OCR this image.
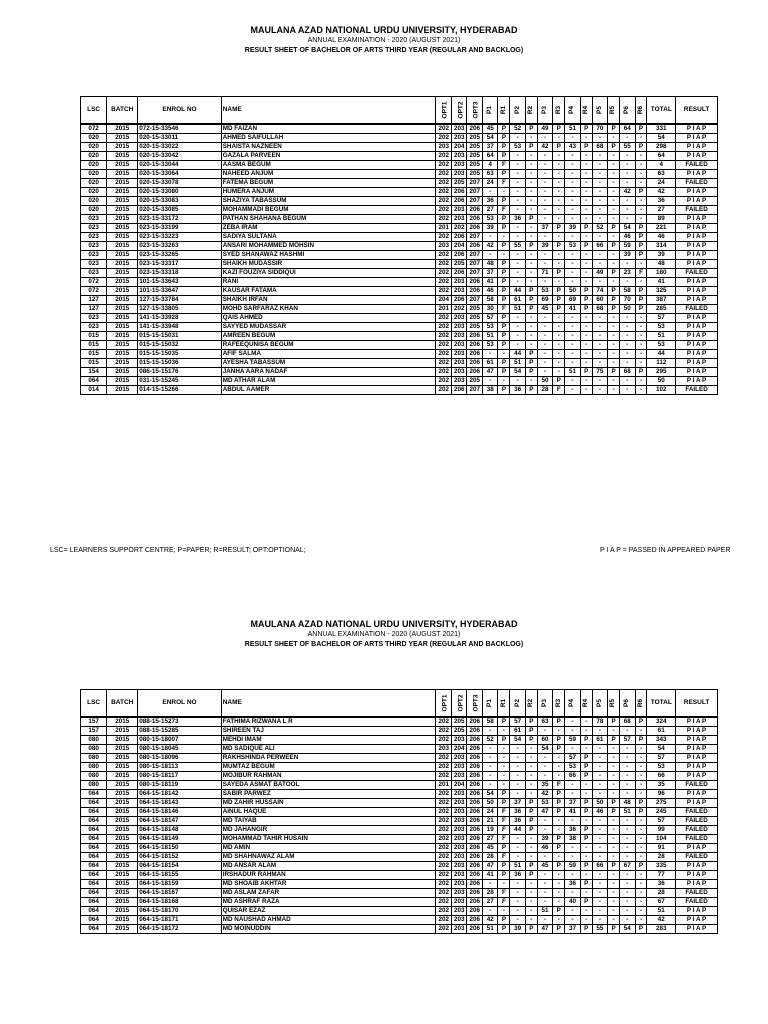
MAULANA AZAD NATIONAL URDU UNIVERSITY, HYDERABAD
ANNUAL EXAMINATION - 2020 (AUGUST 2021)
RESULT SHEET OF BACHELOR OF ARTS THIRD YEAR (REGULAR AND BACKLOG)
LSC	BATCH	ENROL NO	NAME	OPT1	OPT2	OPT3	P1	R1	P2	R2	P3	R3	P4	R4	P5	R5	P6	R6	TOTAL	RESULT
072	2015	072-15-33546	MD FAIZAN	202	203	206	45	P	52	P	49	P	51	P	70	P	64	P	331	P I A P
020	2015	020-15-33011	AHMED SAIFULLAH	202	203	205	54	P	-	-	-	-	-	-	-	-	-	-	54	P I A P
020	2015	020-15-33022	SHAISTA NAZNEEN	203	204	205	37	P	53	P	42	P	43	P	68	P	55	P	298	P I A P
020	2015	020-15-33042	GAZALA PARVEEN	202	203	205	64	P	-	-	-	-	-	-	-	-	-	-	64	P I A P
020	2015	020-15-33044	AASMA BEGUM	202	203	205	4	F	-	-	-	-	-	-	-	-	-	-	4	FAILED
020	2015	020-15-33064	NAHEED ANJUM	202	203	205	63	P	-	-	-	-	-	-	-	-	-	-	63	P I A P
020	2015	020-15-33078	FATEMA BEGUM	202	205	207	24	F	-	-	-	-	-	-	-	-	-	-	24	FAILED
020	2015	020-15-33080	HUMERA ANJUM	202	206	207	-	-	-	-	-	-	-	-	-	-	42	P	42	P I A P
020	2015	020-15-33083	SHAZIYA TABASSUM	202	206	207	36	P	-	-	-	-	-	-	-	-	-	-	36	P I A P
020	2015	020-15-33085	MOHAMMADI BEGUM	202	203	206	27	F	-	-	-	-	-	-	-	-	-	-	27	FAILED
023	2015	023-15-33172	PATHAN SHAHANA BEGUM	202	203	206	53	P	36	P	-	-	-	-	-	-	-	-	89	P I A P
023	2015	023-15-33199	ZEBA IRAM	201	202	206	39	P	-	-	37	P	39	P	52	P	54	P	221	P I A P
023	2015	023-15-33223	SADIYA SULTANA	202	206	207	-	-	-	-	-	-	-	-	-	-	46	P	46	P I A P
023	2015	023-15-33263	ANSARI MOHAMMED MOHSIN	203	204	206	42	P	55	P	39	P	53	P	66	P	59	P	314	P I A P
023	2015	023-15-33265	SYED SHANAWAZ HASHMI	202	206	207	-	-	-	-	-	-	-	-	-	-	39	P	39	P I A P
023	2015	023-15-33317	SHAIKH MUDASSIR	202	205	207	48	P	-	-	-	-	-	-	-	-	-	-	48	P I A P
023	2015	023-15-33318	KAZI FOUZIYA SIDDIQUI	202	206	207	37	P	-	-	71	P	-	-	49	P	23	F	180	FAILED
072	2015	101-15-33643	RANI	202	203	206	41	P	-	-	-	-	-	-	-	-	-	-	41	P I A P
072	2015	101-15-33647	KAUSAR FATAMA	202	203	206	46	P	44	P	53	P	50	P	74	P	58	P	325	P I A P
127	2015	127-15-33784	SHAIKH IRFAN	204	206	207	58	P	61	P	69	P	69	P	60	P	70	P	387	P I A P
127	2015	127-15-33805	MOHD SARFARAZ KHAN	201	202	205	30	F	51	P	45	P	41	P	68	P	50	P	285	FAILED
023	2015	141-15-33928	QAIS AHMED	202	203	205	57	P	-	-	-	-	-	-	-	-	-	-	57	P I A P
023	2015	141-15-33948	SAYYED MUDASSAR	202	203	205	53	P	-	-	-	-	-	-	-	-	-	-	53	P I A P
015	2015	015-15-15031	AMREEN BEGUM	202	203	206	51	P	-	-	-	-	-	-	-	-	-	-	51	P I A P
015	2015	015-15-15032	RAFEEQUNISA BEGUM	202	203	206	53	P	-	-	-	-	-	-	-	-	-	-	53	P I A P
015	2015	015-15-15035	AFIF SALMA	202	203	206	-	-	44	P	-	-	-	-	-	-	-	-	44	P I A P
015	2015	015-15-15036	AYESHA TABASSUM	202	203	206	61	P	51	P	-	-	-	-	-	-	-	-	112	P I A P
154	2015	086-15-15176	JANHA AARA NADAF	202	203	206	47	P	54	P	-	-	51	P	75	P	68	P	295	P I A P
064	2015	031-15-15245	MD ATHAR ALAM	202	203	205	-	-	-	-	50	P	-	-	-	-	-	-	50	P I A P
014	2015	014-15-15266	ABDUL AAMER	202	206	207	38	P	36	P	28	F	-	-	-	-	-	-	102	FAILED
LSC= LEARNERS SUPPORT CENTRE; P=PAPER; R=RESULT; OPT:OPTIONAL;	P I A P = PASSED IN APPEARED PAPER
MAULANA AZAD NATIONAL URDU UNIVERSITY, HYDERABAD
ANNUAL EXAMINATION - 2020 (AUGUST 2021)
RESULT SHEET OF BACHELOR OF ARTS THIRD YEAR (REGULAR AND BACKLOG)
LSC	BATCH	ENROL NO	NAME	OPT1	OPT2	OPT3	P1	R1	P2	R2	P3	R3	P4	R4	P5	R5	P6	R6	TOTAL	RESULT
157	2015	088-15-15273	FATHIMA RIZWANA L R	202	205	206	58	P	57	P	63	P	-	-	78	P	68	P	324	P I A P
157	2015	088-15-15285	SHIREEN TAJ	202	205	206	-	-	61	P	-	-	-	-	-	-	-	-	61	P I A P
080	2015	080-15-18007	MEHDI IMAM	202	203	206	52	P	54	P	60	P	59	P	61	P	57	P	343	P I A P
080	2015	080-15-18045	MD SADIQUE ALI	203	204	206	-	-	-	-	54	P	-	-	-	-	-	-	54	P I A P
080	2015	080-15-18096	RAKHSHINDA PERWEEN	202	203	206	-	-	-	-	-	-	57	P	-	-	-	-	57	P I A P
080	2015	080-15-18113	MUMTAZ BEGUM	202	203	206	-	-	-	-	-	-	53	P	-	-	-	-	53	P I A P
080	2015	080-15-18117	MOJIBUR RAHMAN	202	203	206	-	-	-	-	-	-	66	P	-	-	-	-	66	P I A P
080	2015	080-15-18119	SAYEDA ASMAT BATOOL	201	204	206	-	-	-	-	35	F	-	-	-	-	-	-	35	FAILED
064	2015	064-15-18142	SABIR PARWEZ	202	203	206	54	P	-	-	42	P	-	-	-	-	-	-	96	P I A P
064	2015	064-15-18143	MD ZAHIR HUSSAIN	202	203	206	50	P	37	P	53	P	37	P	50	P	48	P	275	P I A P
064	2015	064-15-18146	AINUL HAQUE	202	203	206	24	F	36	P	47	P	41	P	46	P	51	P	245	FAILED
064	2015	064-15-18147	MD TAIYAB	202	203	206	21	F	36	P	-	-	-	-	-	-	-	-	57	FAILED
064	2015	064-15-18148	MD JAHANGIR	202	203	206	19	F	44	P	-	-	36	P	-	-	-	-	99	FAILED
064	2015	064-15-18149	MOHAMMAD TAHIR HUSAIN	202	203	206	27	F	-	-	39	P	38	P	-	-	-	-	104	FAILED
064	2015	064-15-18150	MD AMIN	202	203	206	45	P	-	-	46	P	-	-	-	-	-	-	91	P I A P
064	2015	064-15-18152	MD SHAHNAWAZ ALAM	202	203	206	28	F	-	-	-	-	-	-	-	-	-	-	28	FAILED
064	2015	064-15-18154	MD ANSAR ALAM	202	203	206	47	P	51	P	45	P	59	P	66	P	67	P	335	P I A P
064	2015	064-15-18155	IRSHADUR RAHMAN	202	203	206	41	P	36	P	-	-	-	-	-	-	-	-	77	P I A P
064	2015	064-15-18159	MD SHOAIB AKHTAR	202	203	206	-	-	-	-	-	-	36	P	-	-	-	-	36	P I A P
064	2015	064-15-18167	MD ASLAM ZAFAR	202	203	206	28	F	-	-	-	-	-	-	-	-	-	-	28	FAILED
064	2015	064-15-18168	MD ASHRAF RAZA	202	203	206	27	F	-	-	-	-	40	P	-	-	-	-	67	FAILED
064	2015	064-15-18170	QUISAR EZAZ	202	203	206	-	-	-	-	51	P	-	-	-	-	-	-	51	P I A P
064	2015	064-15-18171	MD NAUSHAD AHMAD	202	203	206	42	P	-	-	-	-	-	-	-	-	-	-	42	P I A P
064	2015	064-15-18172	MD MOINUDDIN	202	203	206	51	P	39	P	47	P	37	P	55	P	54	P	283	P I A P
